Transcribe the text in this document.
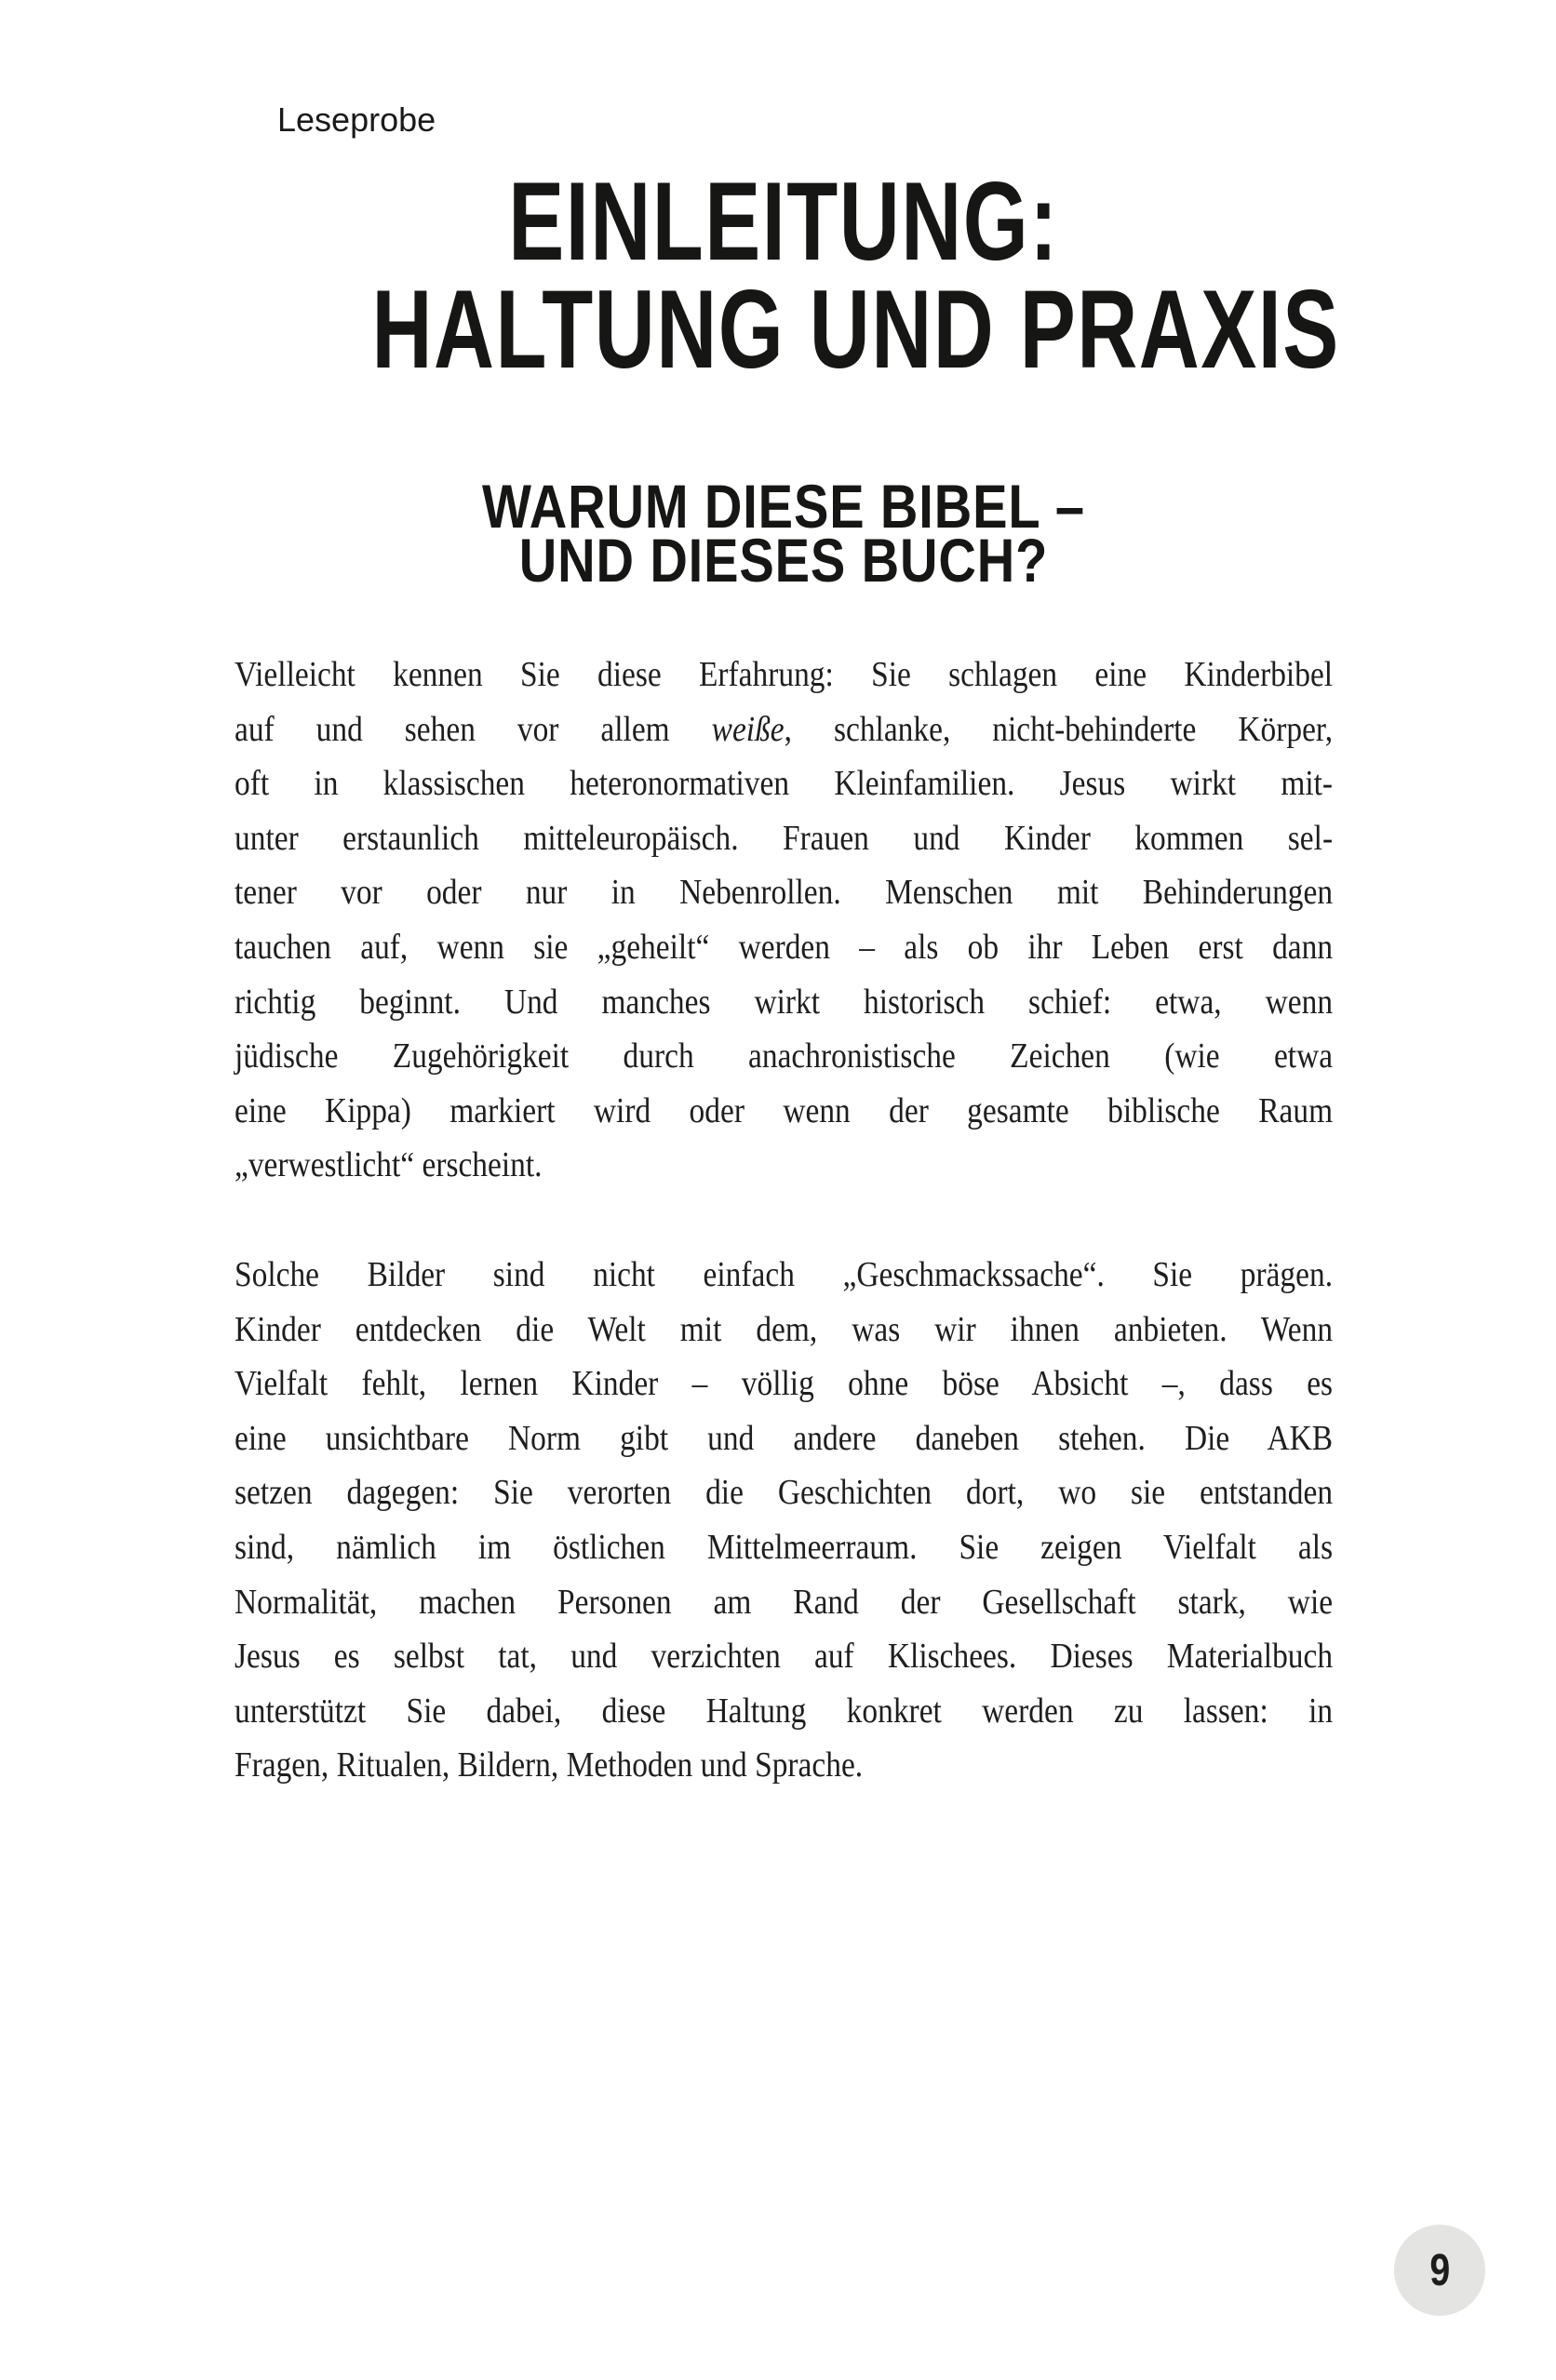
Leseprobe
EINLEITUNG:
HALTUNG UND PRAXIS
WARUM DIESE BIBEL –
UND DIESES BUCH?
Vielleicht kennen Sie diese Erfahrung: Sie schlagen eine Kinderbibel
auf und sehen vor allem weiße, schlanke, nicht-behinderte Körper,
oft in klassischen heteronormativen Kleinfamilien. Jesus wirkt mit-
unter erstaunlich mitteleuropäisch. Frauen und Kinder kommen sel-
tener vor oder nur in Nebenrollen. Menschen mit Behinderungen
tauchen auf, wenn sie „geheilt“ werden – als ob ihr Leben erst dann
richtig beginnt. Und manches wirkt historisch schief: etwa, wenn
jüdische Zugehörigkeit durch anachronistische Zeichen (wie etwa
eine Kippa) markiert wird oder wenn der gesamte biblische Raum
„verwestlicht“ erscheint.
Solche Bilder sind nicht einfach „Geschmackssache“. Sie prägen.
Kinder entdecken die Welt mit dem, was wir ihnen anbieten. Wenn
Vielfalt fehlt, lernen Kinder – völlig ohne böse Absicht –, dass es
eine unsichtbare Norm gibt und andere daneben stehen. Die AKB
setzen dagegen: Sie verorten die Geschichten dort, wo sie entstanden
sind, nämlich im östlichen Mittelmeerraum. Sie zeigen Vielfalt als
Normalität, machen Personen am Rand der Gesellschaft stark, wie
Jesus es selbst tat, und verzichten auf Klischees. Dieses Materialbuch
unterstützt Sie dabei, diese Haltung konkret werden zu lassen: in
Fragen, Ritualen, Bildern, Methoden und Sprache.
9
